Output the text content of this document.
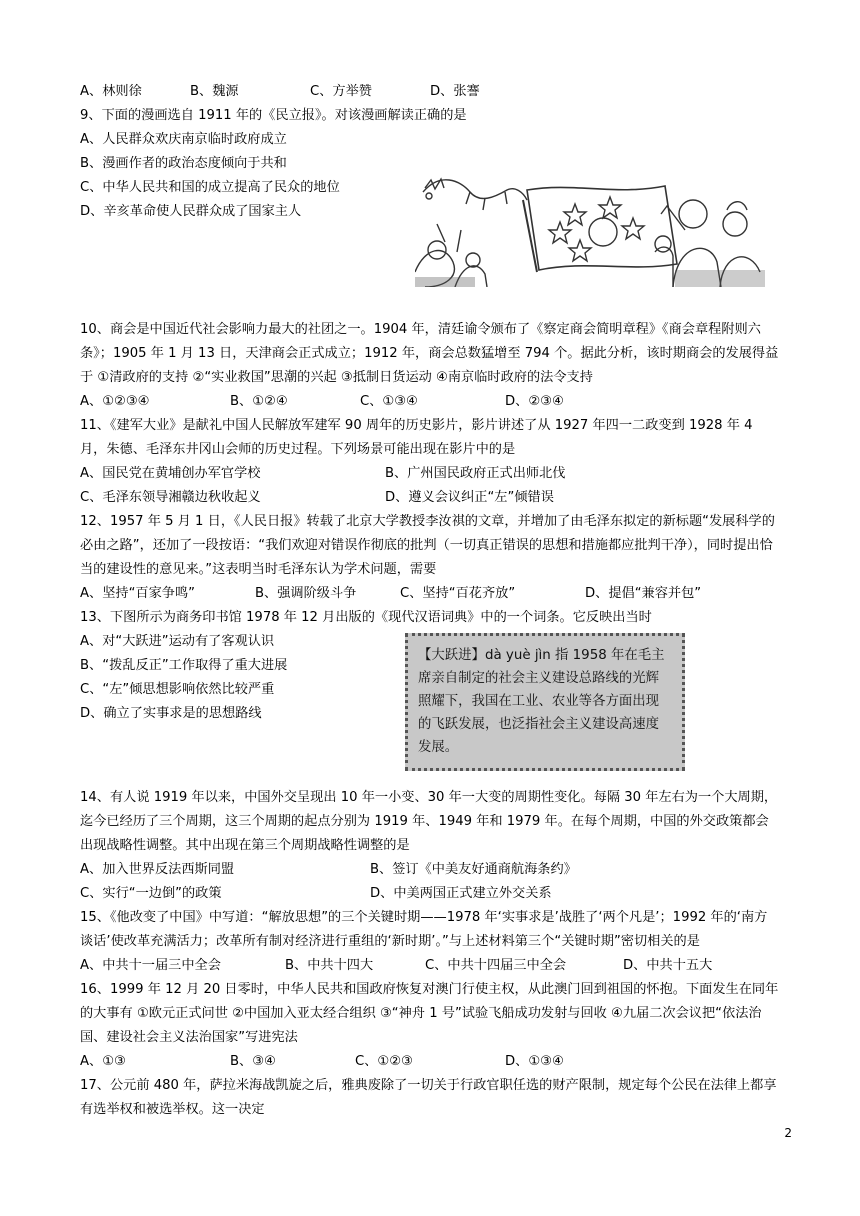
A、林则徐	B、魏源	C、方举赞	D、张謇
9、下面的漫画选自 1911 年的《民立报》。对该漫画解读正确的是
A、人民群众欢庆南京临时政府成立
B、漫画作者的政治态度倾向于共和
C、中华人民共和国的成立提高了民众的地位
D、辛亥革命使人民群众成了国家主人
10、商会是中国近代社会影响力最大的社团之一。1904 年，清廷谕令颁布了《察定商会简明章程》《商会章程附则六条》；1905 年 1 月 13 日，天津商会正式成立；1912 年，商会总数猛增至 794 个。据此分析，该时期商会的发展得益于 ①清政府的支持 ②“实业救国”思潮的兴起 ③抵制日货运动 ④南京临时政府的法令支持
A、①②③④	B、①②④	C、①③④	D、②③④
11、《建军大业》是献礼中国人民解放军建军 90 周年的历史影片，影片讲述了从 1927 年四一二政变到 1928 年 4 月，朱德、毛泽东井冈山会师的历史过程。下列场景可能出现在影片中的是
A、国民党在黄埔创办军官学校	B、广州国民政府正式出师北伐
C、毛泽东领导湘赣边秋收起义	D、遵义会议纠正“左”倾错误
12、1957 年 5 月 1 日，《人民日报》转载了北京大学教授李汝祺的文章，并增加了由毛泽东拟定的新标题“发展科学的必由之路”，还加了一段按语：“我们欢迎对错误作彻底的批判（一切真正错误的思想和措施都应批判干净），同时提出恰当的建设性的意见来。”这表明当时毛泽东认为学术问题，需要
A、坚持“百家争鸣”	B、强调阶级斗争	C、坚持“百花齐放”	D、提倡“兼容并包”
13、下图所示为商务印书馆 1978 年 12 月出版的《现代汉语词典》中的一个词条。它反映出当时
A、对“大跃进”运动有了客观认识
B、“拨乱反正”工作取得了重大进展
C、“左”倾思想影响依然比较严重
D、确立了实事求是的思想路线
14、有人说 1919 年以来，中国外交呈现出 10 年一小变、30 年一大变的周期性变化。每隔 30 年左右为一个大周期，迄今已经历了三个周期，这三个周期的起点分别为 1919 年、1949 年和 1979 年。在每个周期，中国的外交政策都会出现战略性调整。其中出现在第三个周期战略性调整的是
A、加入世界反法西斯同盟	B、签订《中美友好通商航海条约》
C、实行“一边倒”的政策	D、中美两国正式建立外交关系
15、《他改变了中国》中写道：“解放思想”的三个关键时期——1978 年‘实事求是’战胜了‘两个凡是’；1992 年的‘南方谈话’使改革充满活力；改革所有制对经济进行重组的‘新时期’。”与上述材料第三个“关键时期”密切相关的是
A、中共十一届三中全会	B、中共十四大	C、中共十四届三中全会	D、中共十五大
16、1999 年 12 月 20 日零时，中华人民共和国政府恢复对澳门行使主权，从此澳门回到祖国的怀抱。下面发生在同年的大事有 ①欧元正式问世 ②中国加入亚太经合组织 ③“神舟 1 号”试验飞船成功发射与回收 ④九届二次会议把“依法治国、建设社会主义法治国家”写进宪法
A、①③	B、③④	C、①②③	D、①③④
17、公元前 480 年，萨拉米海战凯旋之后，雅典废除了一切关于行政官职任选的财产限制，规定每个公民在法律上都享有选举权和被选举权。这一决定
【大跃进】dà yuè jìn 指 1958 年在毛主席亲自制定的社会主义建设总路线的光辉照耀下，我国在工业、农业等各方面出现的飞跃发展，也泛指社会主义建设高速度发展。
2
